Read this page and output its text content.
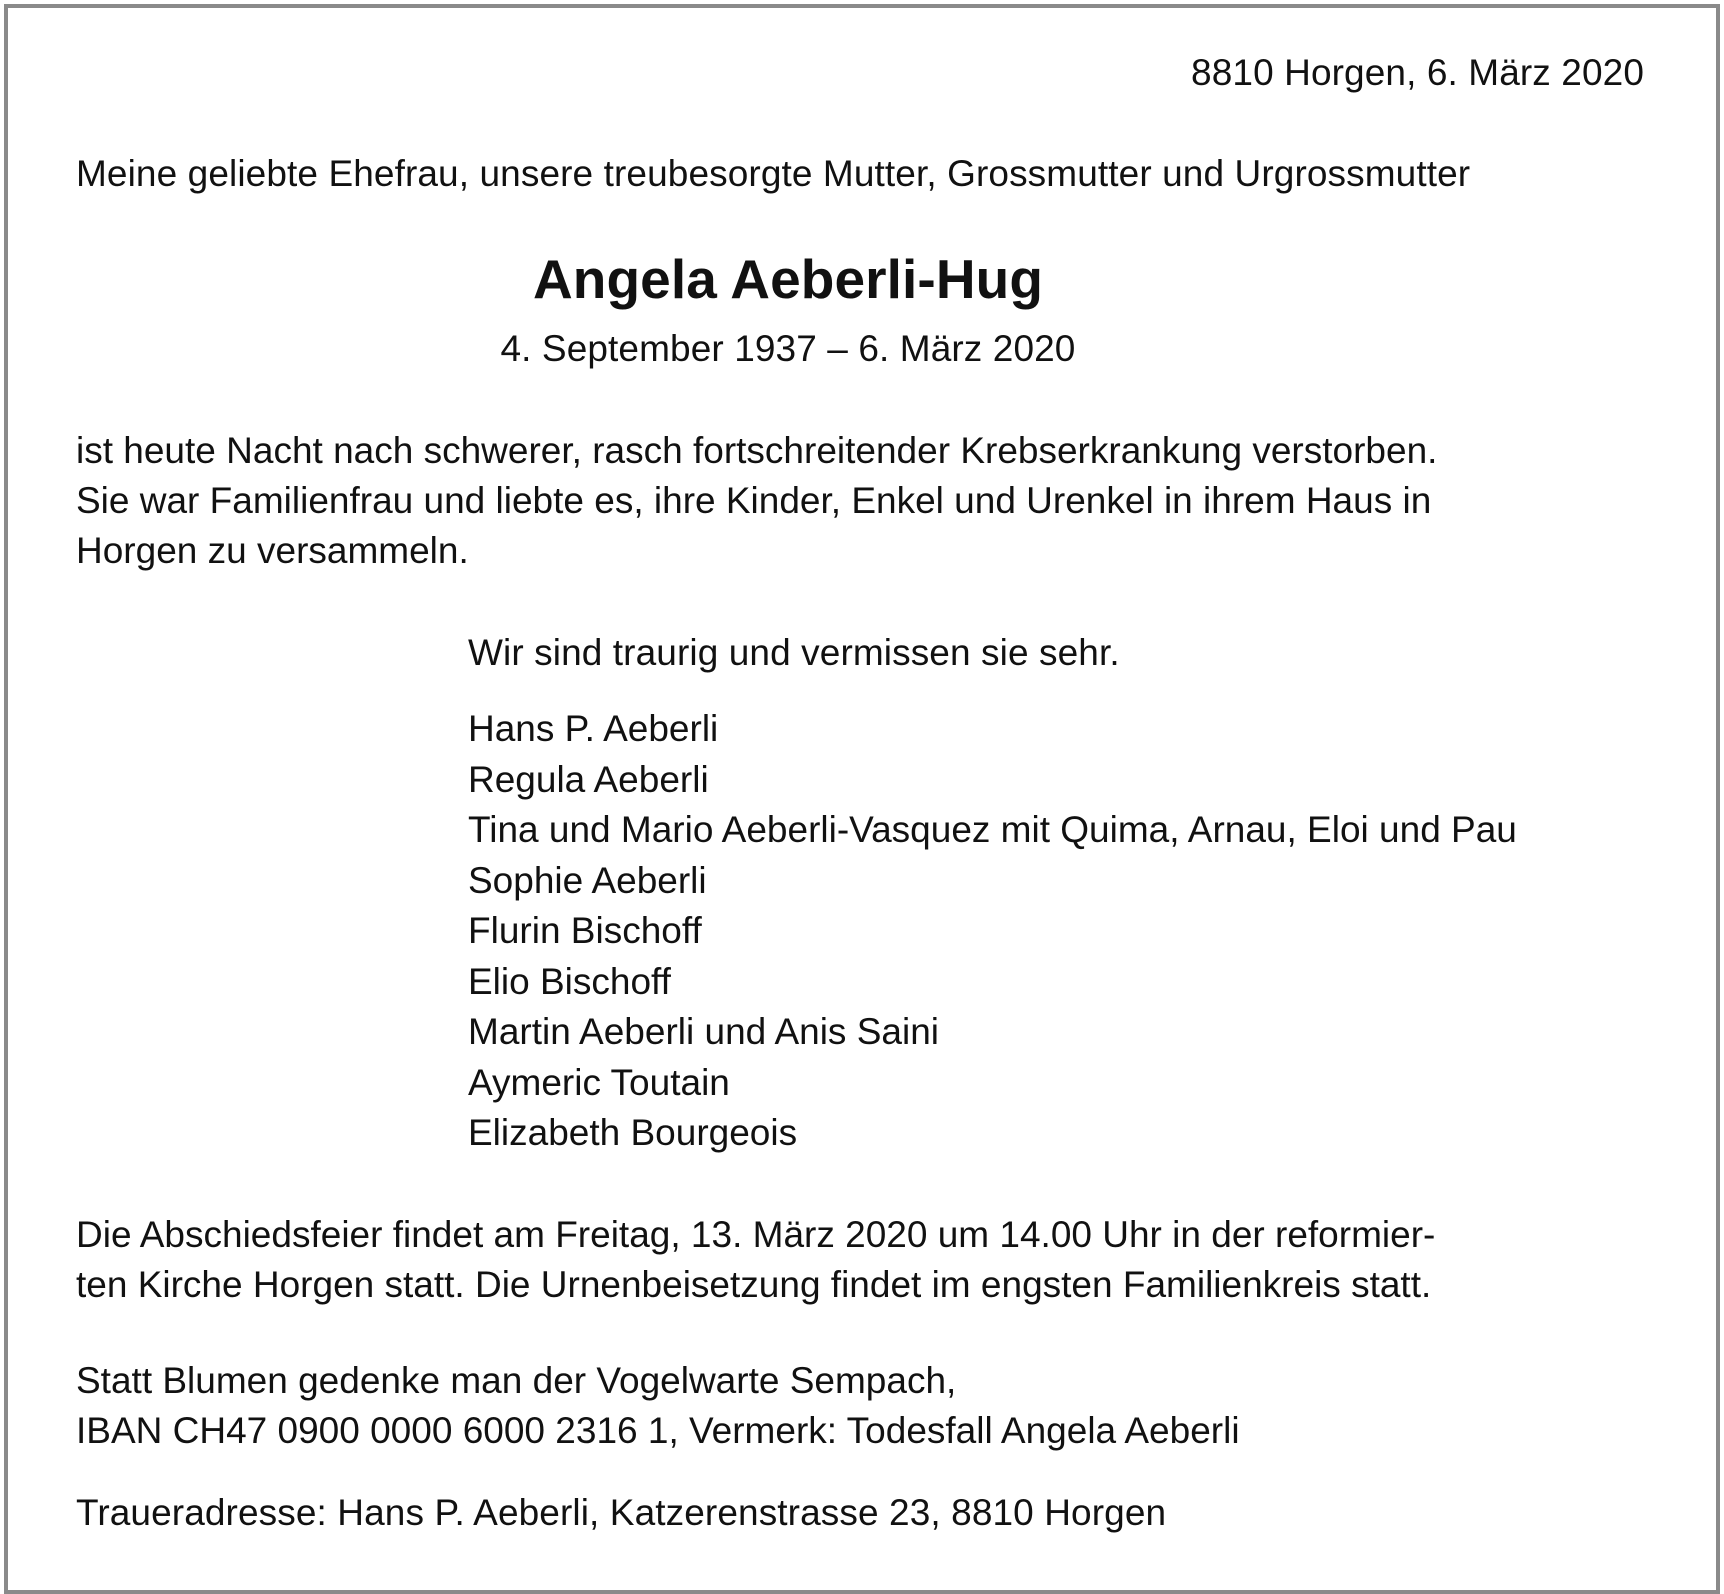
8810 Horgen, 6. März 2020
Meine geliebte Ehefrau, unsere treubesorgte Mutter, Grossmutter und Urgrossmutter
Angela Aeberli-Hug
4. September 1937 – 6. März 2020

ist heute Nacht nach schwerer, rasch fortschreitender Krebserkrankung verstorben.

Sie war Familienfrau und liebte es, ihre Kinder, Enkel und Urenkel in ihrem Haus in

Horgen zu versammeln.

Wir sind traurig und vermissen sie sehr.

Hans P. Aeberli

Regula Aeberli

Tina und Mario Aeberli-Vasquez mit Quima, Arnau, Eloi und Pau

Sophie Aeberli

Flurin Bischoff

Elio Bischoff

Martin Aeberli und Anis Saini

Aymeric Toutain

Elizabeth Bourgeois

Die Abschiedsfeier findet am Freitag, 13. März 2020 um 14.00 Uhr in der reformier-

ten Kirche Horgen statt. Die Urnenbeisetzung findet im engsten Familienkreis statt.

Statt Blumen gedenke man der Vogelwarte Sempach,

IBAN CH47 0900 0000 6000 2316 1, Vermerk: Todesfall Angela Aeberli

Traueradresse: Hans P. Aeberli, Katzerenstrasse 23, 8810 Horgen
